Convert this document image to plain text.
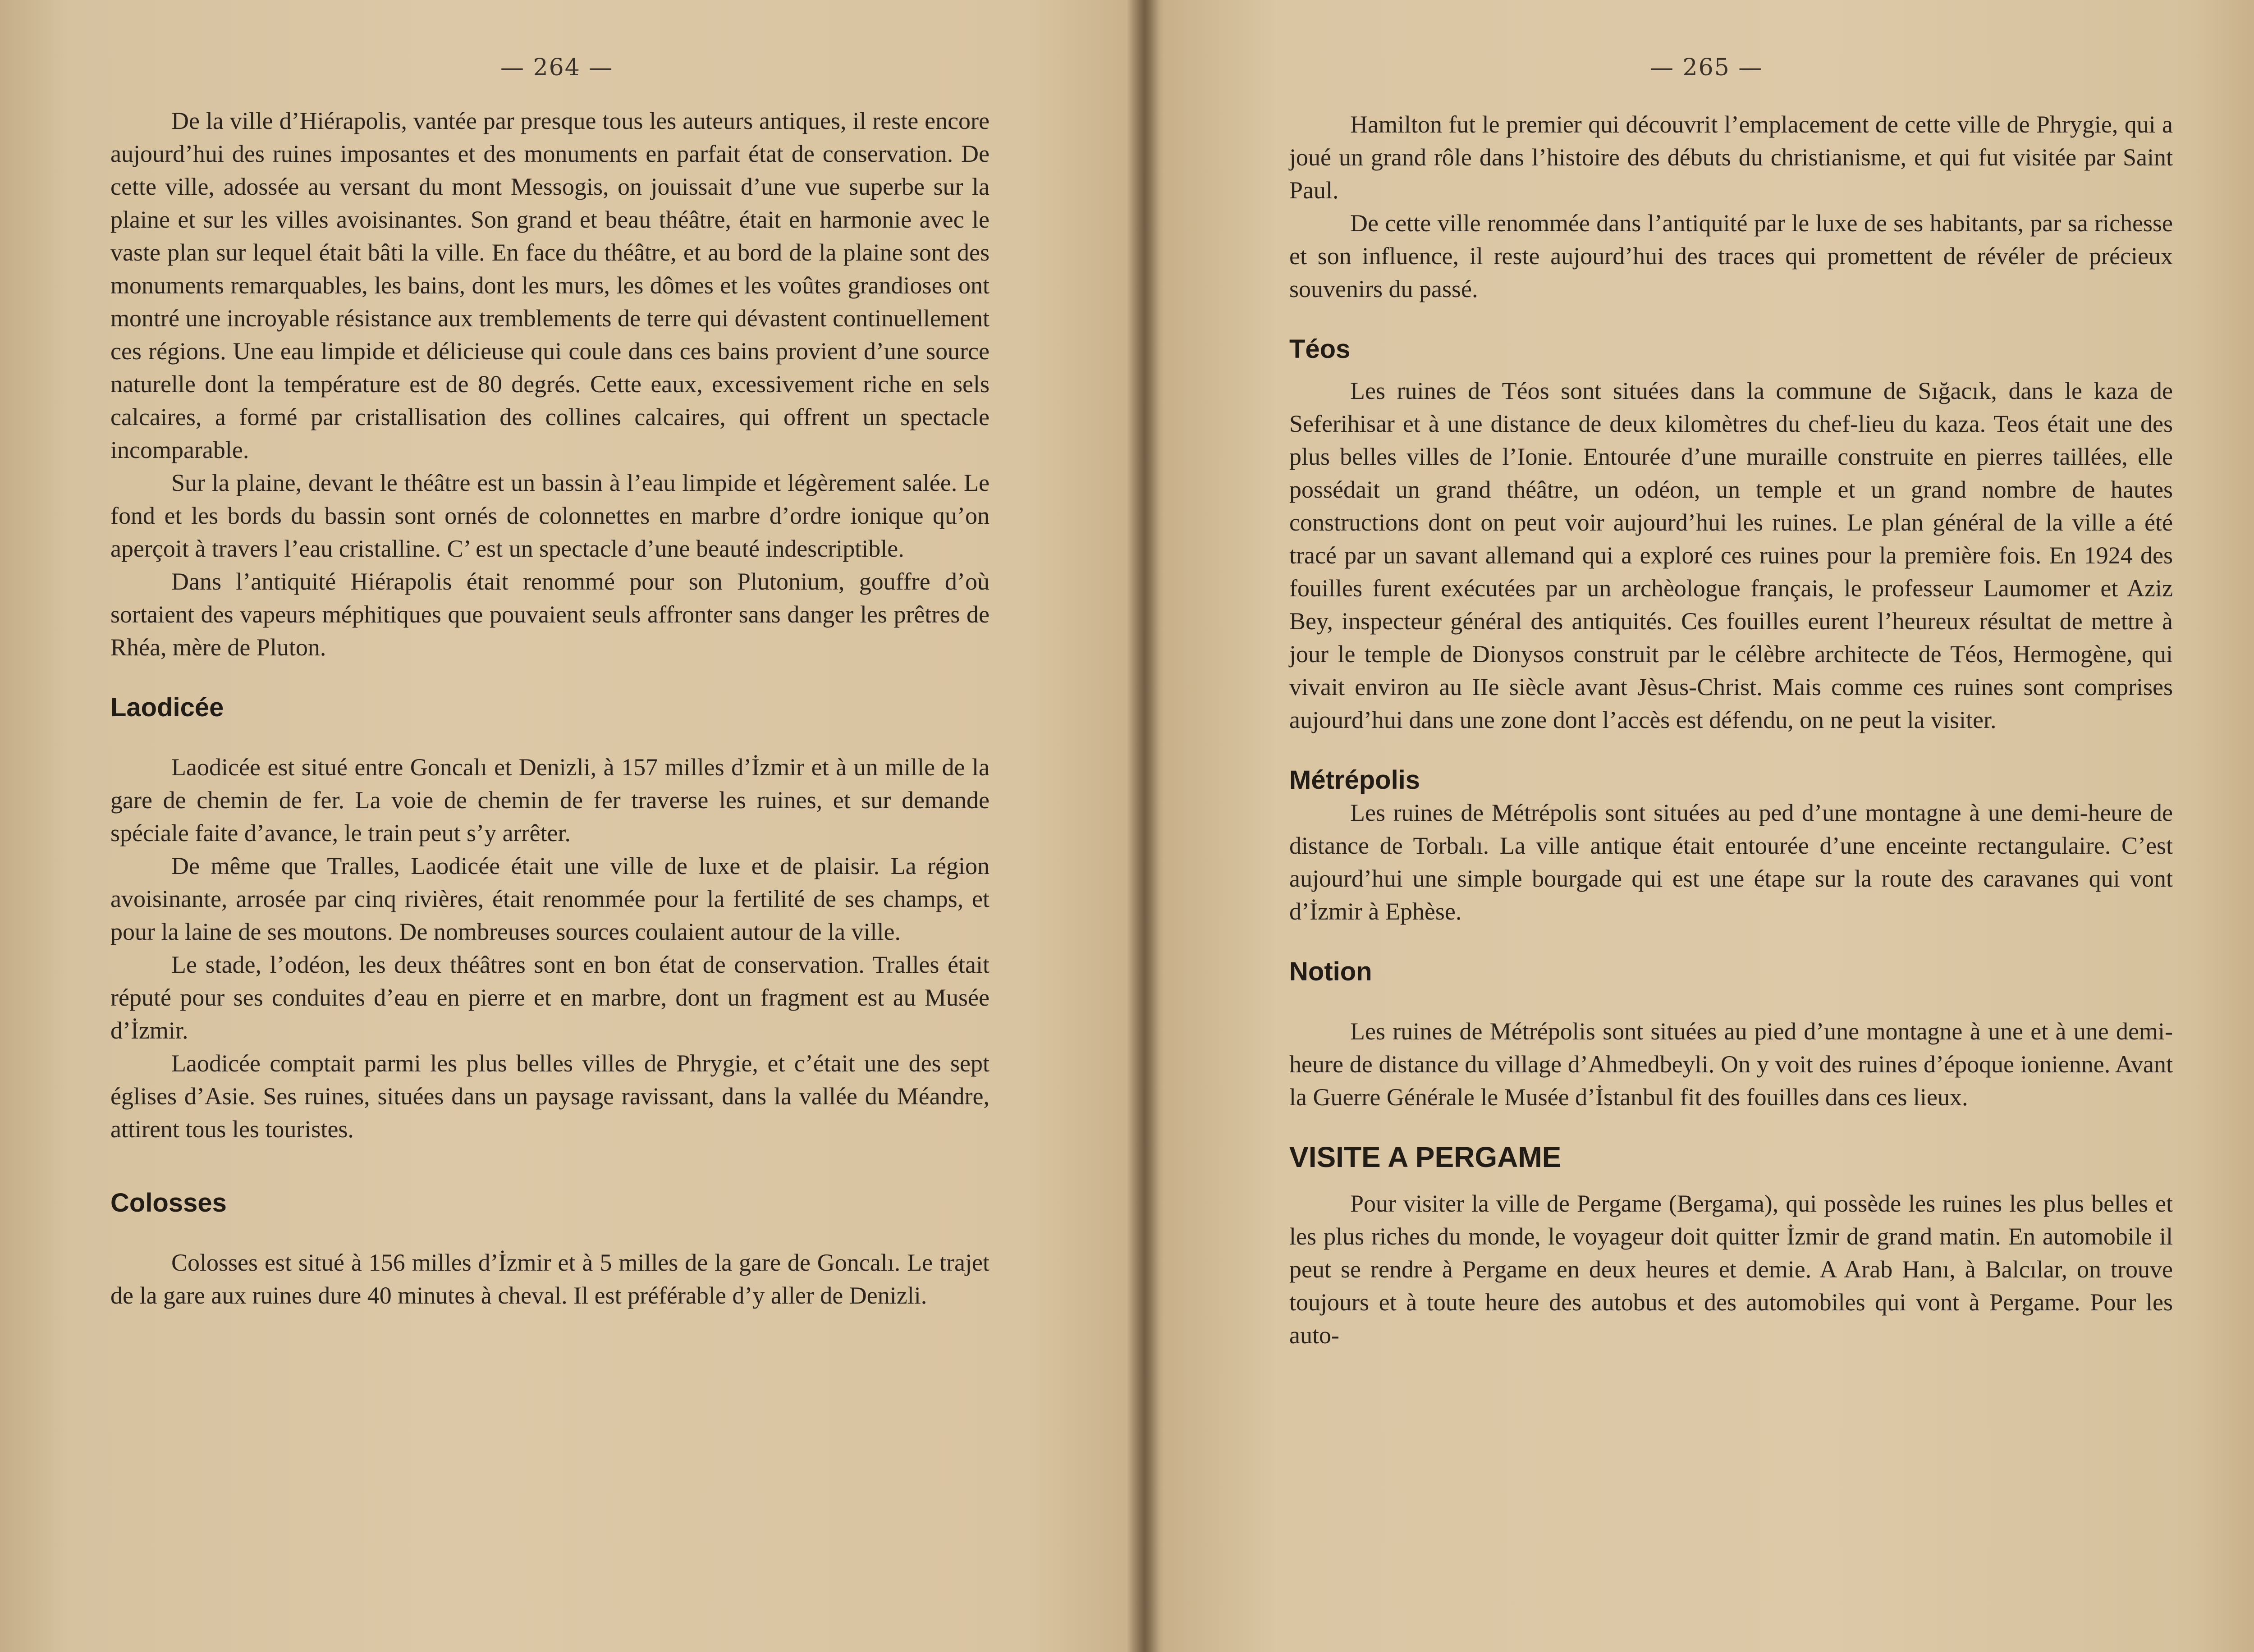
— 264 —

De la ville d’Hiérapolis, vantée par presque tous les auteurs antiques, il reste encore aujourd’hui des ruines imposantes et des monuments en parfait état de conservation. De cette ville, adossée au versant du mont Messogis, on jouissait d’une vue superbe sur la plaine et sur les villes avoisinantes. Son grand et beau théâtre, était en harmonie avec le vaste plan sur lequel était bâti la ville. En face du théâtre, et au bord de la plaine sont des monuments remarquables, les bains, dont les murs, les dômes et les voûtes grandioses ont montré une incroyable résistance aux tremblements de terre qui dévastent continuellement ces régions. Une eau limpide et délicieuse qui coule dans ces bains provient d’une source naturelle dont la température est de 80 degrés. Cette eaux, excessivement riche en sels calcaires, a formé par cristallisation des collines calcaires, qui offrent un spectacle incomparable.

Sur la plaine, devant le théâtre est un bassin à l’eau limpide et légèrement salée. Le fond et les bords du bassin sont ornés de colonnettes en marbre d’ordre ionique qu’on aperçoit à travers l’eau cristalline. C’ est un spectacle d’une beauté indescriptible.

Dans l’antiquité Hiérapolis était renommé pour son Plutonium, gouffre d’où sortaient des vapeurs méphitiques que pouvaient seuls affronter sans danger les prêtres de Rhéa, mère de Pluton.

Laodicée

Laodicée est situé entre Goncalı et Denizli, à 157 milles d’İzmir et à un mille de la gare de chemin de fer. La voie de chemin de fer traverse les ruines, et sur demande spéciale faite d’avance, le train peut s’y arrêter.

De même que Tralles, Laodicée était une ville de luxe et de plaisir. La région avoisinante, arrosée par cinq rivières, était renommée pour la fertilité de ses champs, et pour la laine de ses moutons. De nombreuses sources coulaient autour de la ville.

Le stade, l’odéon, les deux théâtres sont en bon état de conservation. Tralles était réputé pour ses conduites d’eau en pierre et en marbre, dont un fragment est au Musée d’İzmir.

Laodicée comptait parmi les plus belles villes de Phrygie, et c’était une des sept églises d’Asie. Ses ruines, situées dans un paysage ravissant, dans la vallée du Méandre, attirent tous les touristes.

Colosses

Colosses est situé à 156 milles d’İzmir et à 5 milles de la gare de Goncalı. Le trajet de la gare aux ruines dure 40 minutes à cheval. Il est préférable d’y aller de Denizli.

— 265 —

Hamilton fut le premier qui découvrit l’emplacement de cette ville de Phrygie, qui a joué un grand rôle dans l’histoire des débuts du christianisme, et qui fut visitée par Saint Paul.

De cette ville renommée dans l’antiquité par le luxe de ses habitants, par sa richesse et son influence, il reste aujourd’hui des traces qui promettent de révéler de précieux souvenirs du passé.

Téos

Les ruines de Téos sont situées dans la commune de Sığacık, dans le kaza de Seferihisar et à une distance de deux kilomètres du chef-lieu du kaza. Teos était une des plus belles villes de l’Ionie. Entourée d’une muraille construite en pierres taillées, elle possédait un grand théâtre, un odéon, un temple et un grand nombre de hautes constructions dont on peut voir aujourd’hui les ruines. Le plan général de la ville a été tracé par un savant allemand qui a exploré ces ruines pour la première fois. En 1924 des fouilles furent exécutées par un archèologue français, le professeur Laumomer et Aziz Bey, inspecteur général des antiquités. Ces fouilles eurent l’heureux résultat de mettre à jour le temple de Dionysos construit par le célèbre architecte de Téos, Hermogène, qui vivait environ au IIe siècle avant Jèsus-Christ. Mais comme ces ruines sont comprises aujourd’hui dans une zone dont l’accès est défendu, on ne peut la visiter.

Métrépolis

Les ruines de Métrépolis sont situées au ped d’une montagne à une demi-heure de distance de Torbalı. La ville antique était entourée d’une enceinte rectangulaire. C’est aujourd’hui une simple bourgade qui est une étape sur la route des caravanes qui vont d’İzmir à Ephèse.

Notion

Les ruines de Métrépolis sont situées au pied d’une montagne à une et à une demi-heure de distance du village d’Ahmedbeyli. On y voit des ruines d’époque ionienne. Avant la Guerre Générale le Musée d’İstanbul fit des fouilles dans ces lieux.

VISITE A PERGAME

Pour visiter la ville de Pergame (Bergama), qui possède les ruines les plus belles et les plus riches du monde, le voyageur doit quitter İzmir de grand matin. En automobile il peut se rendre à Pergame en deux heures et demie. A Arab Hanı, à Balcılar, on trouve toujours et à toute heure des autobus et des automobiles qui vont à Pergame. Pour les auto-
